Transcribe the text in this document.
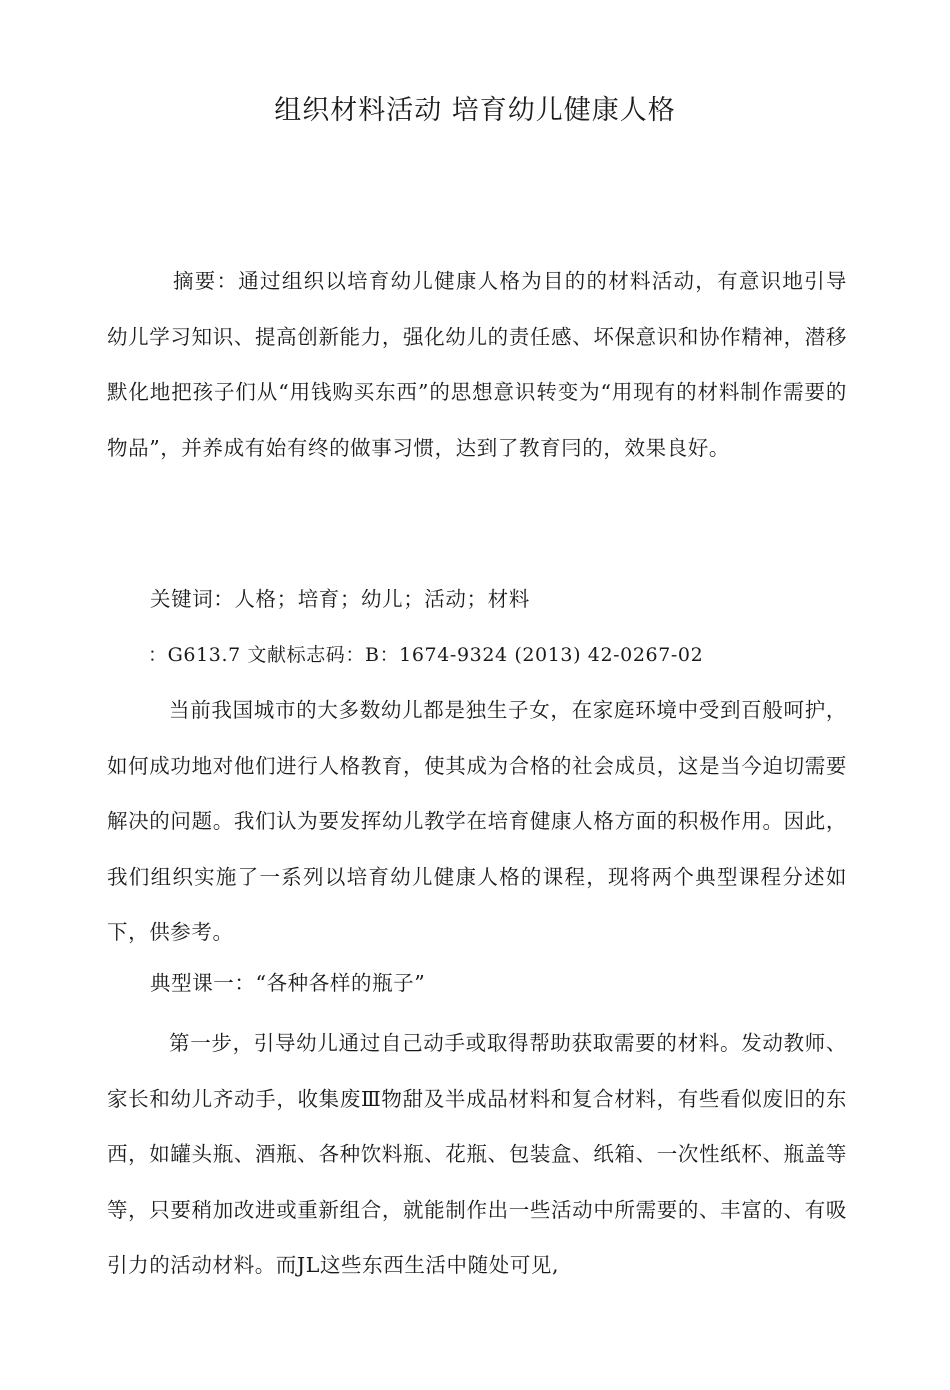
组织材料活动 培育幼儿健康人格

摘要：通过组织以培育幼儿健康人格为目的的材料活动，有意识地引导幼儿学习知识、提高创新能力，强化幼儿的责任感、坏保意识和协作精神，潜移默化地把孩子们从“用钱购买东西”的思想意识转变为“用现有的材料制作需要的物品”，并养成有始有终的做事习惯，达到了教育冃的，效果良好。

关键词：人格；培育；幼儿；活动；材料

：G613.7 文献标志码：B：1674-9324 (2013) 42-0267-02

当前我国城市的大多数幼儿都是独生子女，在家庭环境中受到百般呵护，如何成功地对他们进行人格教育，使其成为合格的社会成员，这是当今迫切需要解决的问题。我们认为要发挥幼儿教学在培育健康人格方面的积极作用。因此，我们组织实施了一系列以培育幼儿健康人格的课程，现将两个典型课程分述如下，供参考。

典型课一：“各种各样的瓶子”

第一步，引导幼儿通过自己动手或取得帮助获取需要的材料。发动教师、家长和幼儿齐动手，收集废Ⅲ物甜及半成品材料和复合材料，有些看似废旧的东西，如罐头瓶、酒瓶、各种饮料瓶、花瓶、包装盒、纸箱、一次性纸杯、瓶盖等等，只要稍加改进或重新组合，就能制作出一些活动中所需要的、丰富的、有吸引力的活动材料。而JL这些东西生活中随处可见,
